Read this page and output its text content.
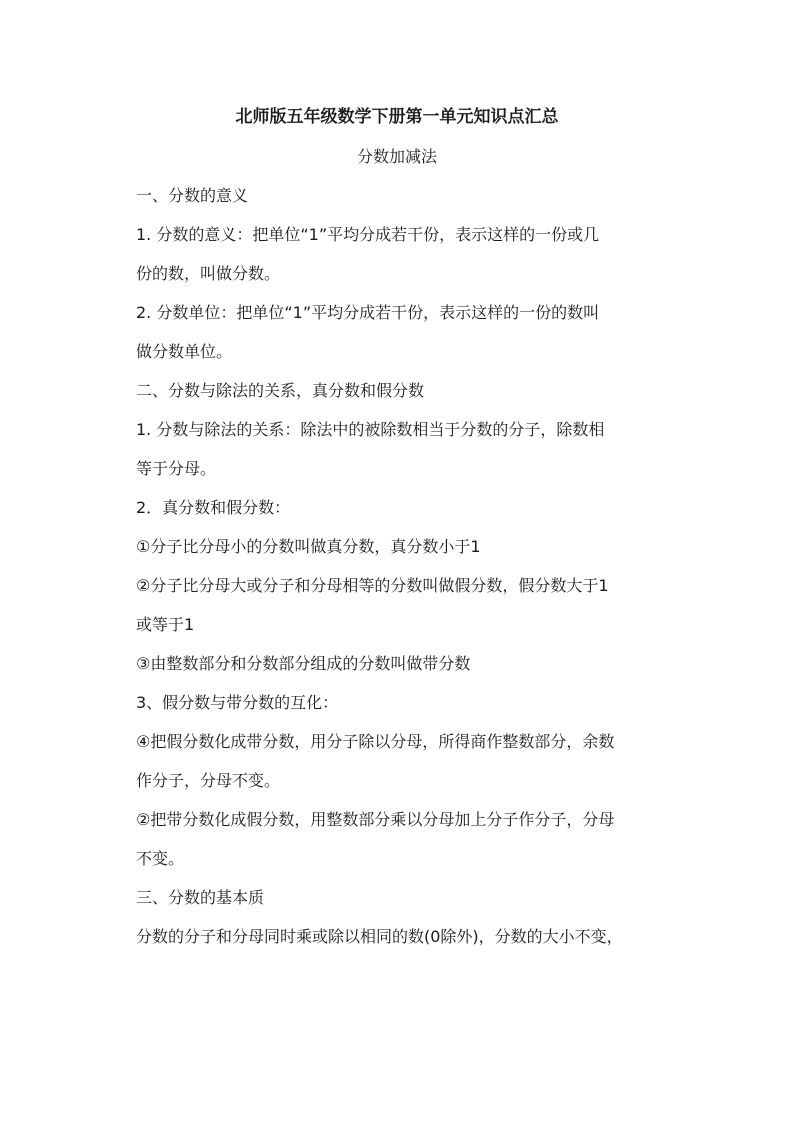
北师版五年级数学下册第一单元知识点汇总
分数加减法
一、分数的意义
1. 分数的意义：把单位“1”平均分成若干份，表示这样的一份或几
份的数，叫做分数。
2. 分数单位：把单位“1”平均分成若干份，表示这样的一份的数叫
做分数单位。
二、分数与除法的关系，真分数和假分数
1. 分数与除法的关系：除法中的被除数相当于分数的分子，除数相
等于分母。
2．真分数和假分数：
①分子比分母小的分数叫做真分数，真分数小于1
②分子比分母大或分子和分母相等的分数叫做假分数，假分数大于1
或等于1
③由整数部分和分数部分组成的分数叫做带分数
3、假分数与带分数的互化：
④把假分数化成带分数，用分子除以分母，所得商作整数部分，余数
作分子，分母不变。
②把带分数化成假分数，用整数部分乘以分母加上分子作分子，分母
不变。
三、分数的基本质
分数的分子和分母同时乘或除以相同的数(0除外)，分数的大小不变，
